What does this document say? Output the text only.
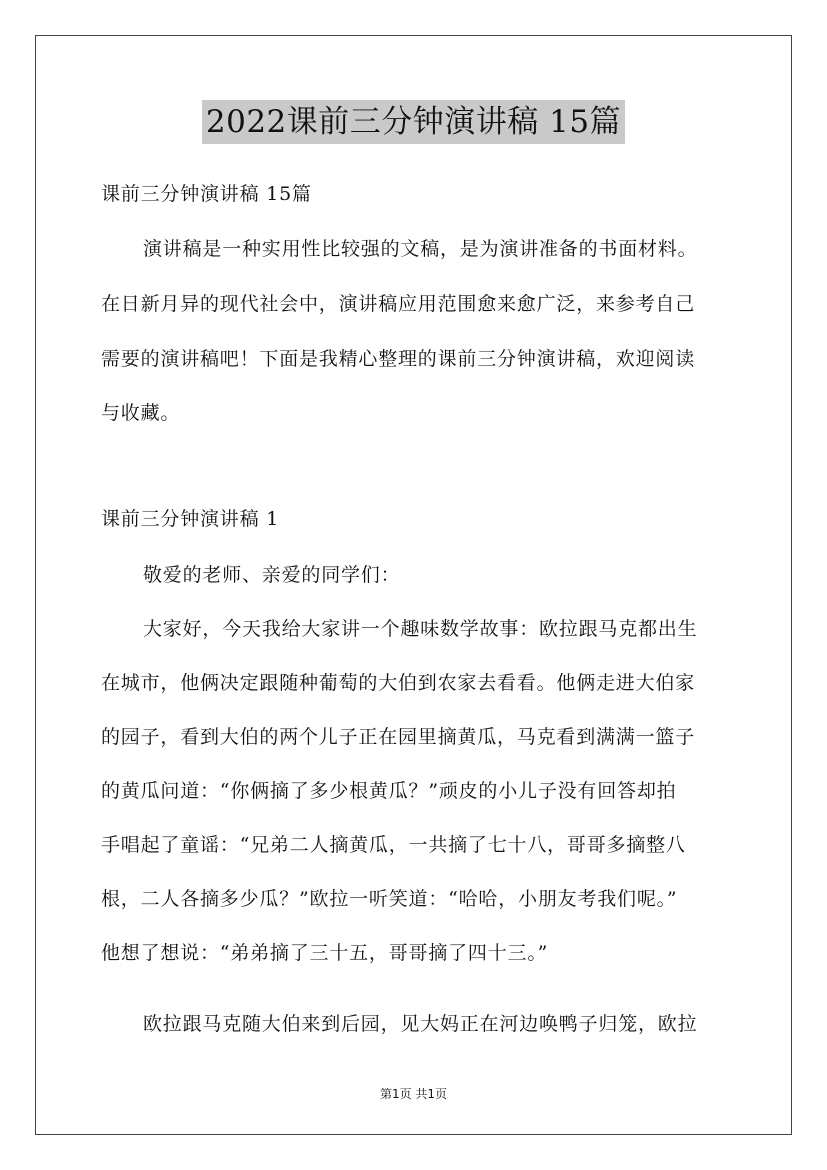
2022课前三分钟演讲稿 15篇
课前三分钟演讲稿 15篇
演讲稿是一种实用性比较强的文稿，是为演讲准备的书面材料。
在日新月异的现代社会中，演讲稿应用范围愈来愈广泛，来参考自己
需要的演讲稿吧！下面是我精心整理的课前三分钟演讲稿，欢迎阅读
与收藏。
课前三分钟演讲稿 1
敬爱的老师、亲爱的同学们：
大家好，今天我给大家讲一个趣味数学故事：欧拉跟马克都出生
在城市，他俩决定跟随种葡萄的大伯到农家去看看。他俩走进大伯家
的园子，看到大伯的两个儿子正在园里摘黄瓜，马克看到满满一篮子
的黄瓜问道：“你俩摘了多少根黄瓜？”顽皮的小儿子没有回答却拍
手唱起了童谣：“兄弟二人摘黄瓜，一共摘了七十八，哥哥多摘整八
根，二人各摘多少瓜？”欧拉一听笑道：“哈哈，小朋友考我们呢。”
他想了想说：“弟弟摘了三十五，哥哥摘了四十三。”
欧拉跟马克随大伯来到后园，见大妈正在河边唤鸭子归笼，欧拉
第1页 共1页
